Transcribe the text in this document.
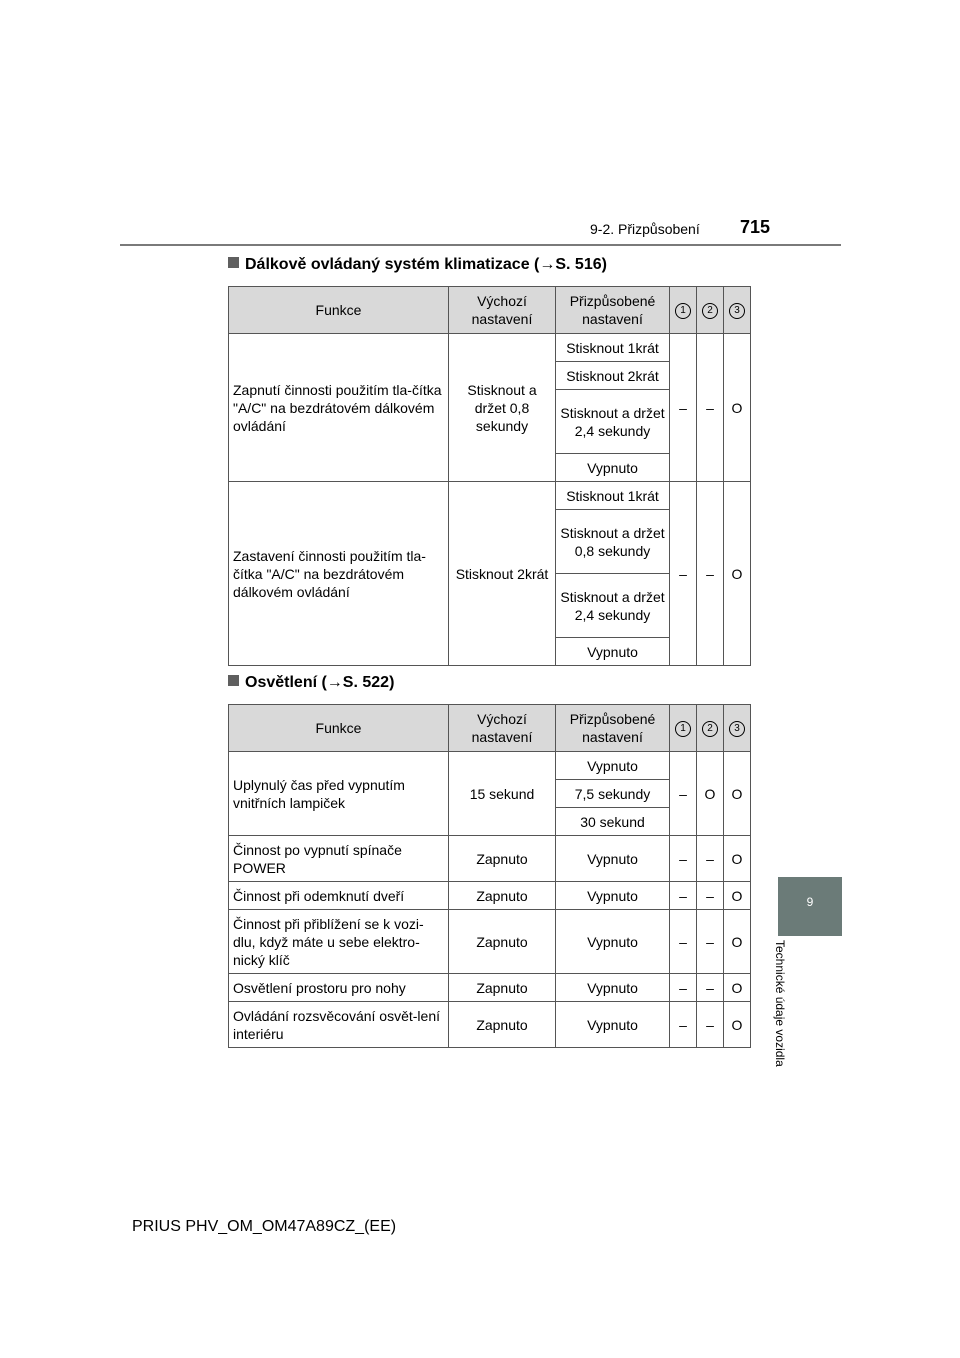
9-2. Přizpůsobení 715
9
Technické údaje vozidla
Dálkově ovládaný systém klimatizace (→S. 516)
Funkce	Výchozí nastavení	Přizpůsobené nastavení	1	2	3
Zapnutí činnosti použitím tla-čítka "A/C" na bezdrátovém dálkovém ovládání	Stisknout a držet 0,8 sekundy	Stisknout 1krát	–	–	O
		Stisknout 2krát			
		Stisknout a držet 2,4 sekundy			
		Vypnuto			
Zastavení činnosti použitím tla-čítka "A/C" na bezdrátovém dálkovém ovládání	Stisknout 2krát	Stisknout 1krát	–	–	O
		Stisknout a držet 0,8 sekundy			
		Stisknout a držet 2,4 sekundy			
		Vypnuto			
Osvětlení (→S. 522)
Funkce	Výchozí nastavení	Přizpůsobené nastavení	1	2	3
Uplynulý čas před vypnutím vnitřních lampiček	15 sekund	Vypnuto	–	O	O
		7,5 sekundy			
		30 sekund			
Činnost po vypnutí spínače POWER	Zapnuto	Vypnuto	–	–	O
Činnost při odemknutí dveří	Zapnuto	Vypnuto	–	–	O
Činnost při přiblížení se k vozi-dlu, když máte u sebe elektro-nický klíč	Zapnuto	Vypnuto	–	–	O
Osvětlení prostoru pro nohy	Zapnuto	Vypnuto	–	–	O
Ovládání rozsvěcování osvět-lení interiéru	Zapnuto	Vypnuto	–	–	O
PRIUS PHV_OM_OM47A89CZ_(EE)
